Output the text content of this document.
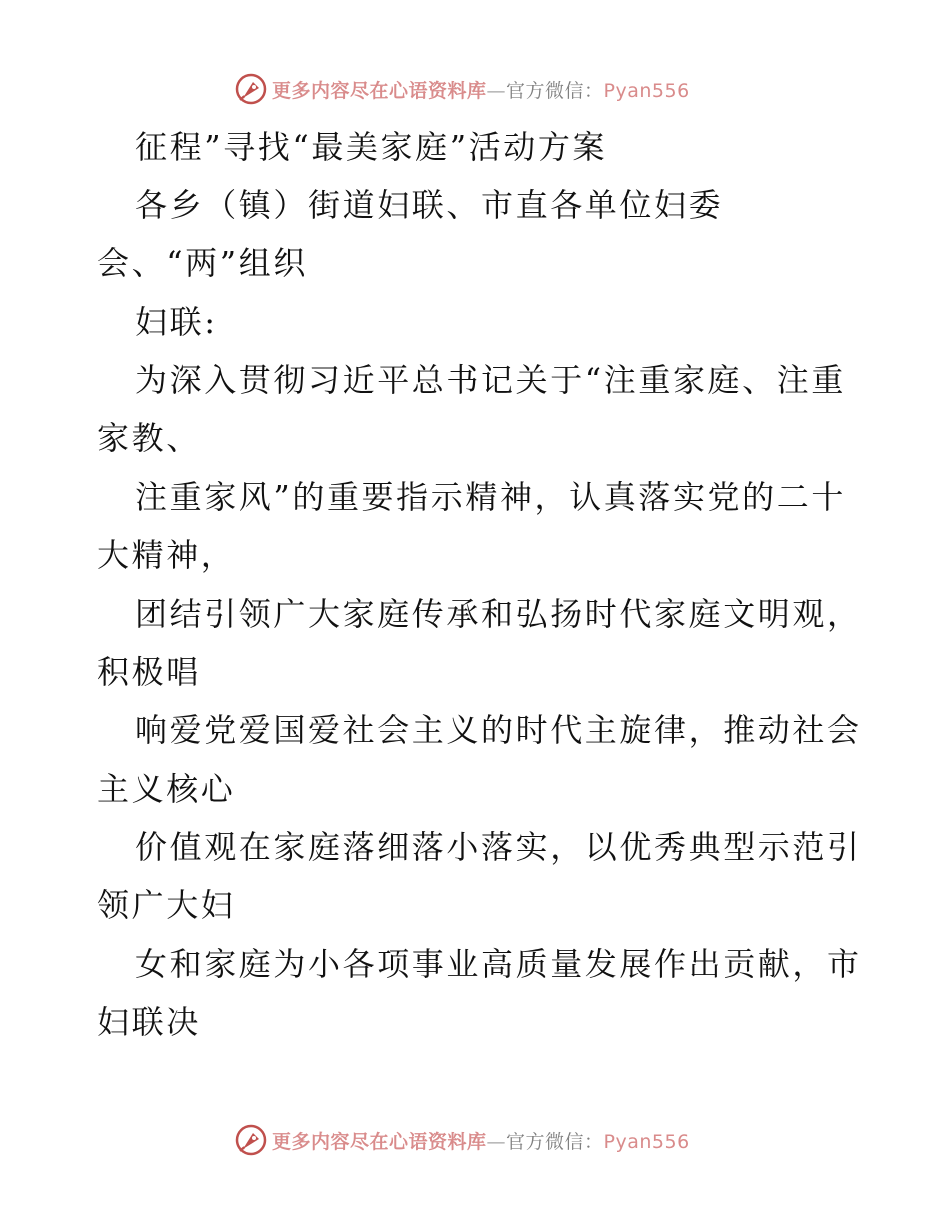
更多内容尽在心语资料库—官方微信：Pyan556
征程”寻找“最美家庭”活动方案
各乡（镇）街道妇联、市直各单位妇委
会、“两”组织
妇联:
为深入贯彻习近平总书记关于“注重家庭、注重
家教、
注重家风”的重要指示精神，认真落实党的二十
大精神，
团结引领广大家庭传承和弘扬时代家庭文明观，
积极唱
响爱党爱国爱社会主义的时代主旋律，推动社会
主义核心
价值观在家庭落细落小落实，以优秀典型示范引
领广大妇
女和家庭为小各项事业高质量发展作出贡献，市
妇联决
更多内容尽在心语资料库—官方微信：Pyan556
